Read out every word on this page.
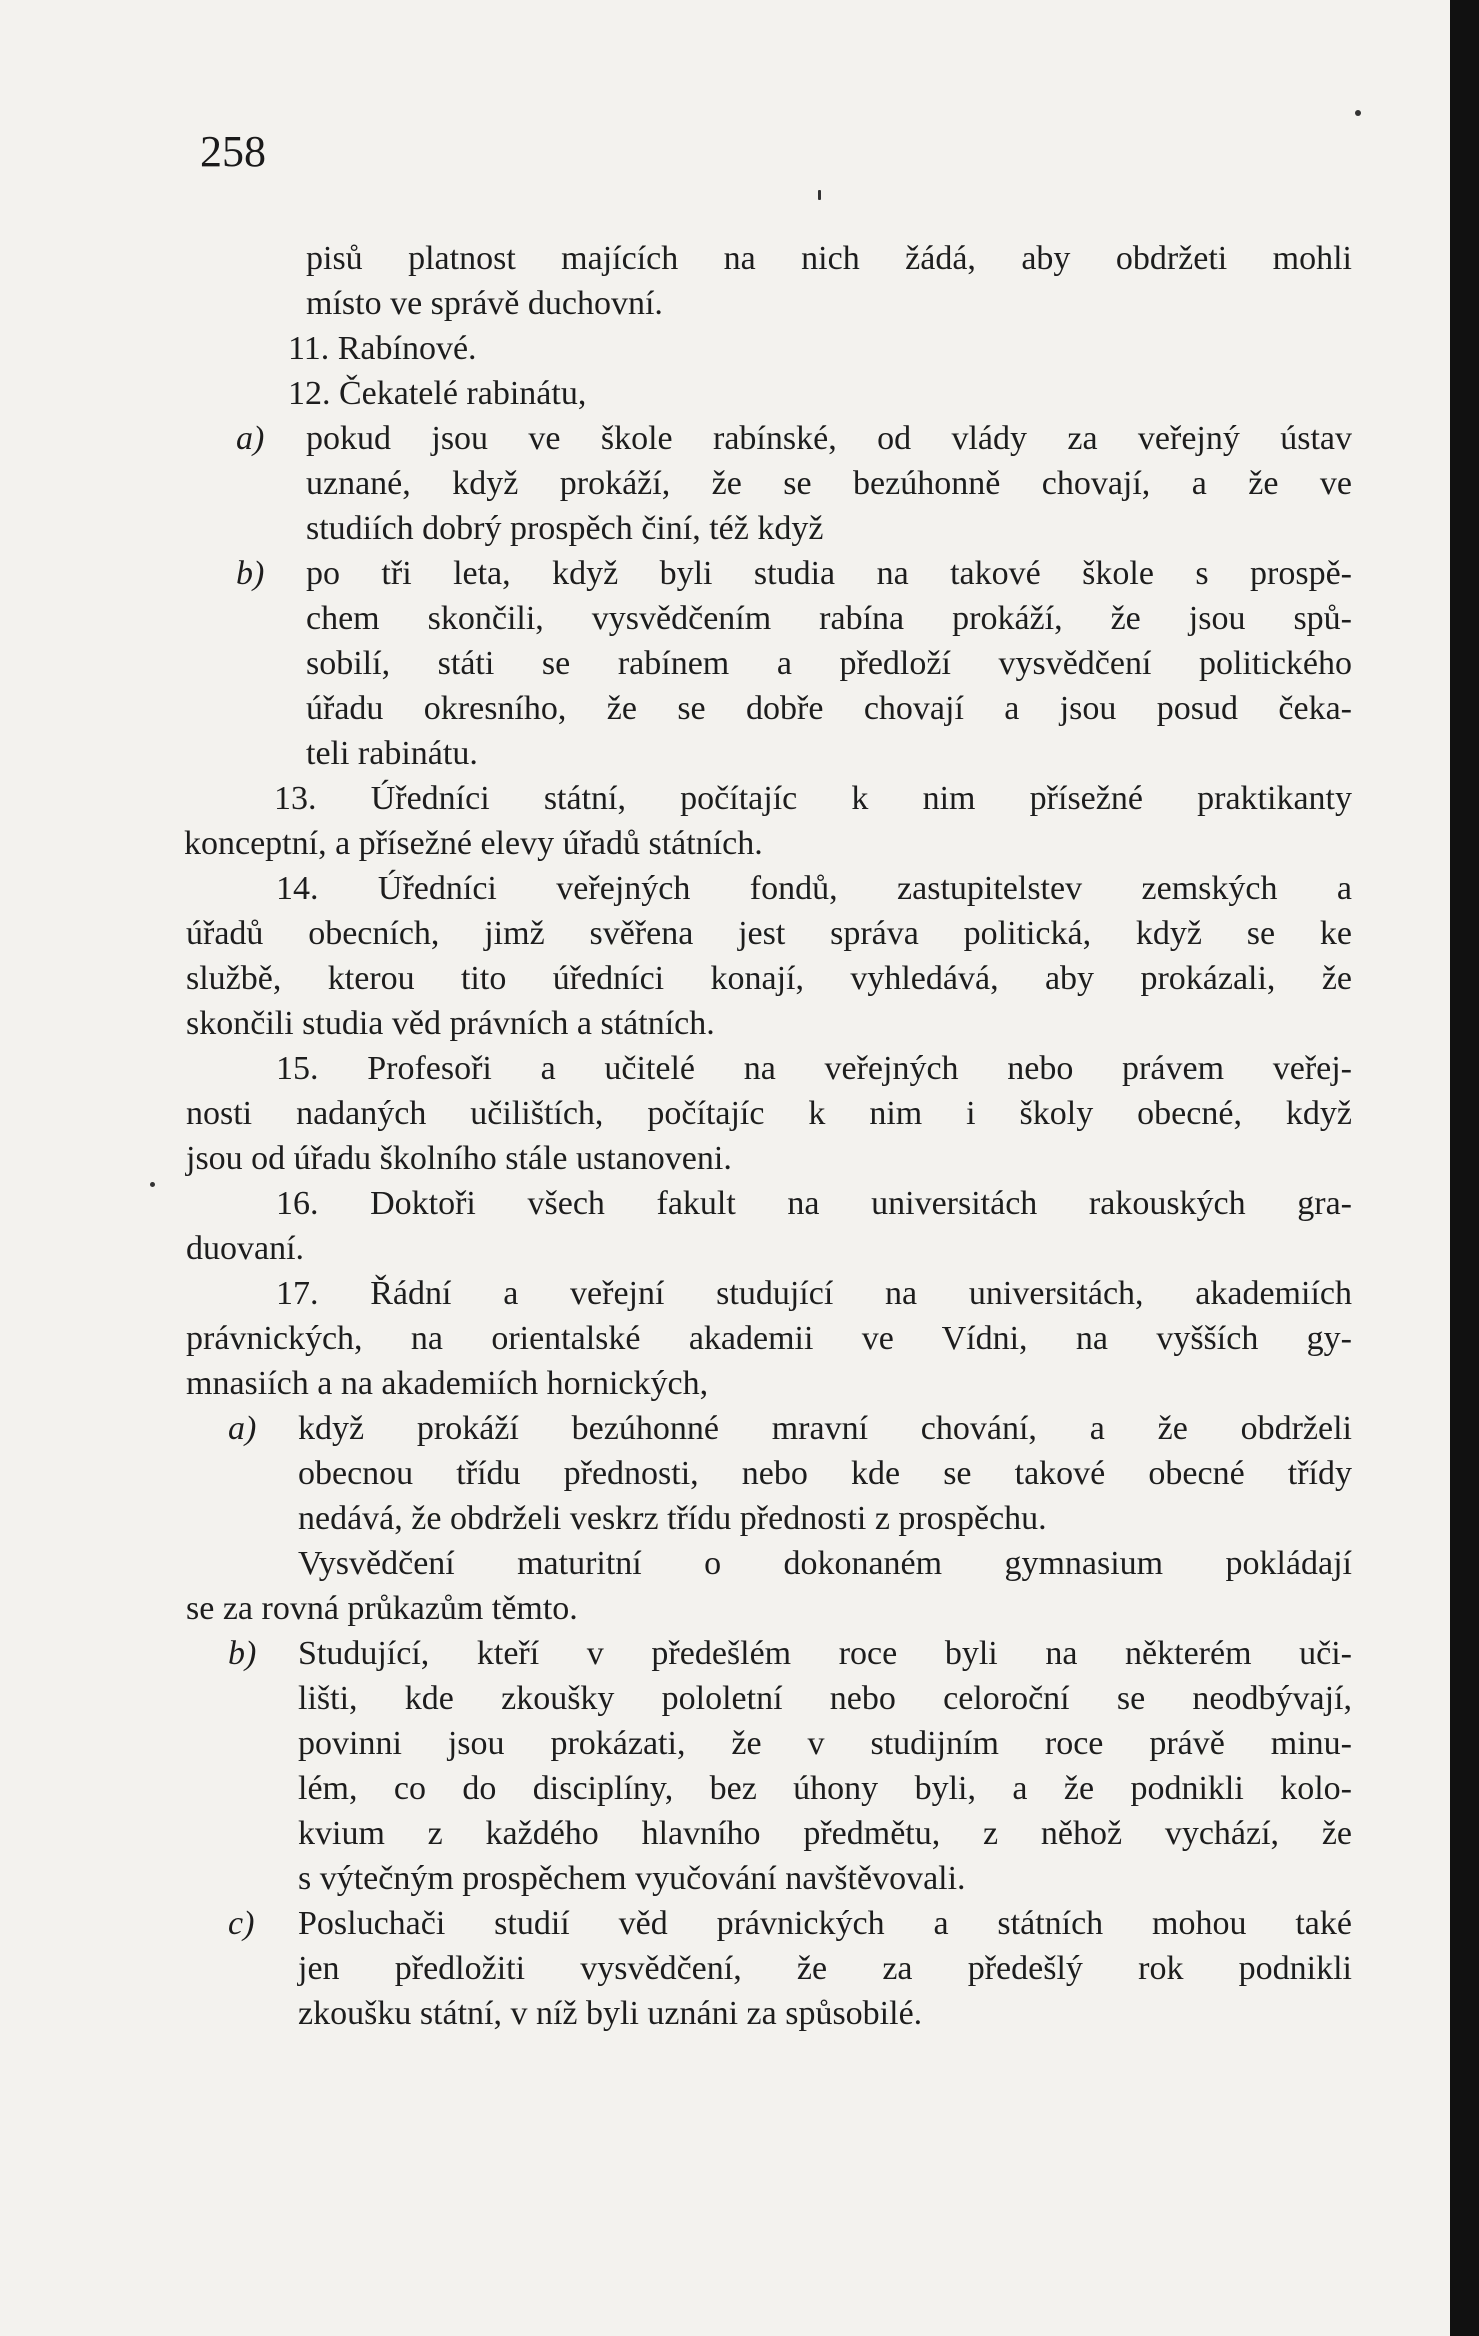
258

pisů platnost majících na nich žádá, aby obdržeti mohli
místo ve správě duchovní.

11. Rabínové.

12. Čekatelé rabinátu,

a) pokud jsou ve škole rabínské, od vlády za veřejný ústav
uznané, když prokáží, že se bezúhonně chovají, a že ve
studiích dobrý prospěch činí, též když

b) po tři leta, když byli studia na takové škole s prospě-
chem skončili, vysvědčením rabína prokáží, že jsou spů-
sobilí, státi se rabínem a předloží vysvědčení politického
úřadu okresního, že se dobře chovají a jsou posud čeka-
teli rabinátu.

13. Úředníci státní, počítajíc k nim přísežné praktikanty
konceptní, a přísežné elevy úřadů státních.

14. Úředníci veřejných fondů, zastupitelstev zemských a
úřadů obecních, jimž svěřena jest správa politická, když se ke
službě, kterou tito úředníci konají, vyhledává, aby prokázali, že
skončili studia věd právních a státních.

15. Profesoři a učitelé na veřejných nebo právem veřej-
nosti nadaných učilištích, počítajíc k nim i školy obecné, když
jsou od úřadu školního stále ustanoveni.

16. Doktoři všech fakult na universitách rakouských gra-
duovaní.

17. Řádní a veřejní studující na universitách, akademiích
právnických, na orientalské akademii ve Vídni, na vyšších gy-
mnasiích a na akademiích hornických,

a) když prokáží bezúhonné mravní chování, a že obdrželi
obecnou třídu přednosti, nebo kde se takové obecné třídy
nedává, že obdrželi veskrz třídu přednosti z prospěchu.

Vysvědčení maturitní o dokonaném gymnasium pokládají
se za rovná průkazům těmto.

b) Studující, kteří v předešlém roce byli na některém uči-
lišti, kde zkoušky pololetní nebo celoroční se neodbývají,
povinni jsou prokázati, že v studijním roce právě minu-
lém, co do disciplíny, bez úhony byli, a že podnikli kolo-
kvium z každého hlavního předmětu, z něhož vychází, že
s výtečným prospěchem vyučování navštěvovali.

c) Posluchači studií věd právnických a státních mohou také
jen předložiti vysvědčení, že za předešlý rok podnikli
zkoušku státní, v níž byli uznáni za spůsobilé.
